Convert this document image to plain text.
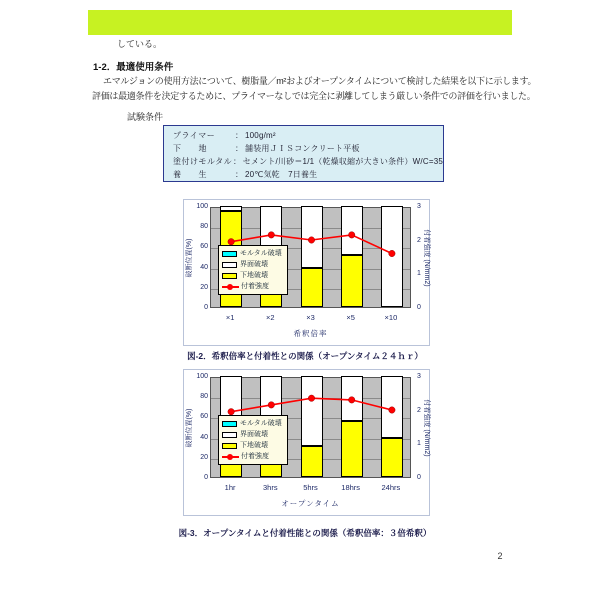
している。
1-2．最適使用条件
エマルジョンの使用方法について、樹脂量／m²およびオープンタイムについて検討した結果を以下に示します。
評価は最適条件を決定するために、プライマーなしでは完全に剥離してしまう厳しい条件での評価を行いました。
試験条件
プライマー	： 100g/m²
下　　地	： 舗装用ＪＩＳコンクリート平板
塗付けモルタル ： セメント/川砂＝1/1（乾燥収縮が大きい条件）W/C=35
養　　生	： 20℃気乾　7日養生
モルタル破壊
界面破壊
下地破壊
付着強度
0
20
40
60
80
100
0
1
2
3
×1	×2	×3	×5	×10
希釈倍率
破断位置(%)	付着強度 (N/mm2)
図-2．希釈倍率と付着性との関係（オープンタイム２４ｈｒ）
モルタル破壊
界面破壊
下地破壊
付着強度
0
20
40
60
80
100
0
1
2
3
1hr	3hrs	5hrs	18hrs	24hrs
オープンタイム
破断位置(%)	付着強度 (N/mm2)
図-3．オープンタイムと付着性能との関係（希釈倍率：３倍希釈）
2
